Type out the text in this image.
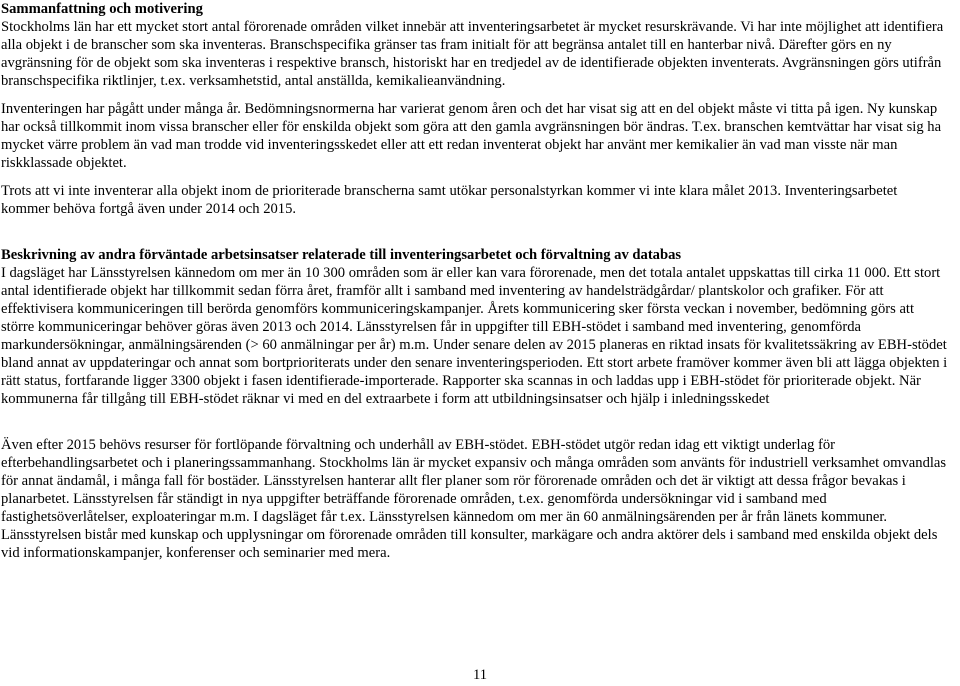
Sammanfattning och motivering

Stockholms län har ett mycket stort antal förorenade områden vilket innebär att inventeringsarbetet är mycket resurskrävande. Vi har inte möjlighet att identifiera alla objekt i de branscher som ska inventeras. Branschspecifika gränser tas fram initialt för att begränsa antalet till en hanterbar nivå. Därefter görs en ny avgränsning för de objekt som ska inventeras i respektive bransch, historiskt har en tredjedel av de identifierade objekten inventerats. Avgränsningen görs utifrån branschspecifika riktlinjer, t.ex. verksamhetstid, antal anställda, kemikalieanvändning.

Inventeringen har pågått under många år. Bedömningsnormerna har varierat genom åren och det har visat sig att en del objekt måste vi titta på igen. Ny kunskap har också tillkommit inom vissa branscher eller för enskilda objekt som göra att den gamla avgränsningen bör ändras. T.ex. branschen kemtvättar har visat sig ha mycket värre problem än vad man trodde vid inventeringsskedet eller att ett redan inventerat objekt har använt mer kemikalier än vad man visste när man riskklassade objektet.

Trots att vi inte inventerar alla objekt inom de prioriterade branscherna samt utökar personalstyrkan kommer vi inte klara målet 2013. Inventeringsarbetet kommer behöva fortgå även under 2014 och 2015.

Beskrivning av andra förväntade arbetsinsatser relaterade till inventeringsarbetet och förvaltning av databas

I dagsläget har Länsstyrelsen kännedom om mer än 10 300 områden som är eller kan vara förorenade, men det totala antalet uppskattas till cirka 11 000. Ett stort antal identifierade objekt har tillkommit sedan förra året, framför allt i samband med inventering av handelsträdgårdar/ plantskolor och grafiker. För att effektivisera kommuniceringen till berörda genomförs kommuniceringskampanjer. Årets kommunicering sker första veckan i november, bedömning görs att större kommuniceringar behöver göras även 2013 och 2014. Länsstyrelsen får in uppgifter till EBH-stödet i samband med inventering, genomförda markundersökningar, anmälningsärenden (> 60 anmälningar per år) m.m. Under senare delen av 2015 planeras en riktad insats för kvalitetssäkring av EBH-stödet bland annat av uppdateringar och annat som bortprioriterats under den senare inventeringsperioden. Ett stort arbete framöver kommer även bli att lägga objekten i rätt status, fortfarande ligger 3300 objekt i fasen identifierade-importerade. Rapporter ska scannas in och laddas upp i EBH-stödet för prioriterade objekt. När kommunerna får tillgång till EBH-stödet räknar vi med en del extraarbete i form att utbildningsinsatser och hjälp i inledningsskedet

Även efter 2015 behövs resurser för fortlöpande förvaltning och underhåll av EBH-stödet. EBH-stödet utgör redan idag ett viktigt underlag för efterbehandlingsarbetet och i planeringssammanhang. Stockholms län är mycket expansiv och många områden som använts för industriell verksamhet omvandlas för annat ändamål, i många fall för bostäder. Länsstyrelsen hanterar allt fler planer som rör förorenade områden och det är viktigt att dessa frågor bevakas i planarbetet. Länsstyrelsen får ständigt in nya uppgifter beträffande förorenade områden, t.ex. genomförda undersökningar vid i samband med fastighetsöverlåtelser, exploateringar m.m. I dagsläget får t.ex. Länsstyrelsen kännedom om mer än 60 anmälningsärenden per år från länets kommuner. Länsstyrelsen bistår med kunskap och upplysningar om förorenade områden till konsulter, markägare och andra aktörer dels i samband med enskilda objekt dels vid informationskampanjer, konferenser och seminarier med mera.

11
